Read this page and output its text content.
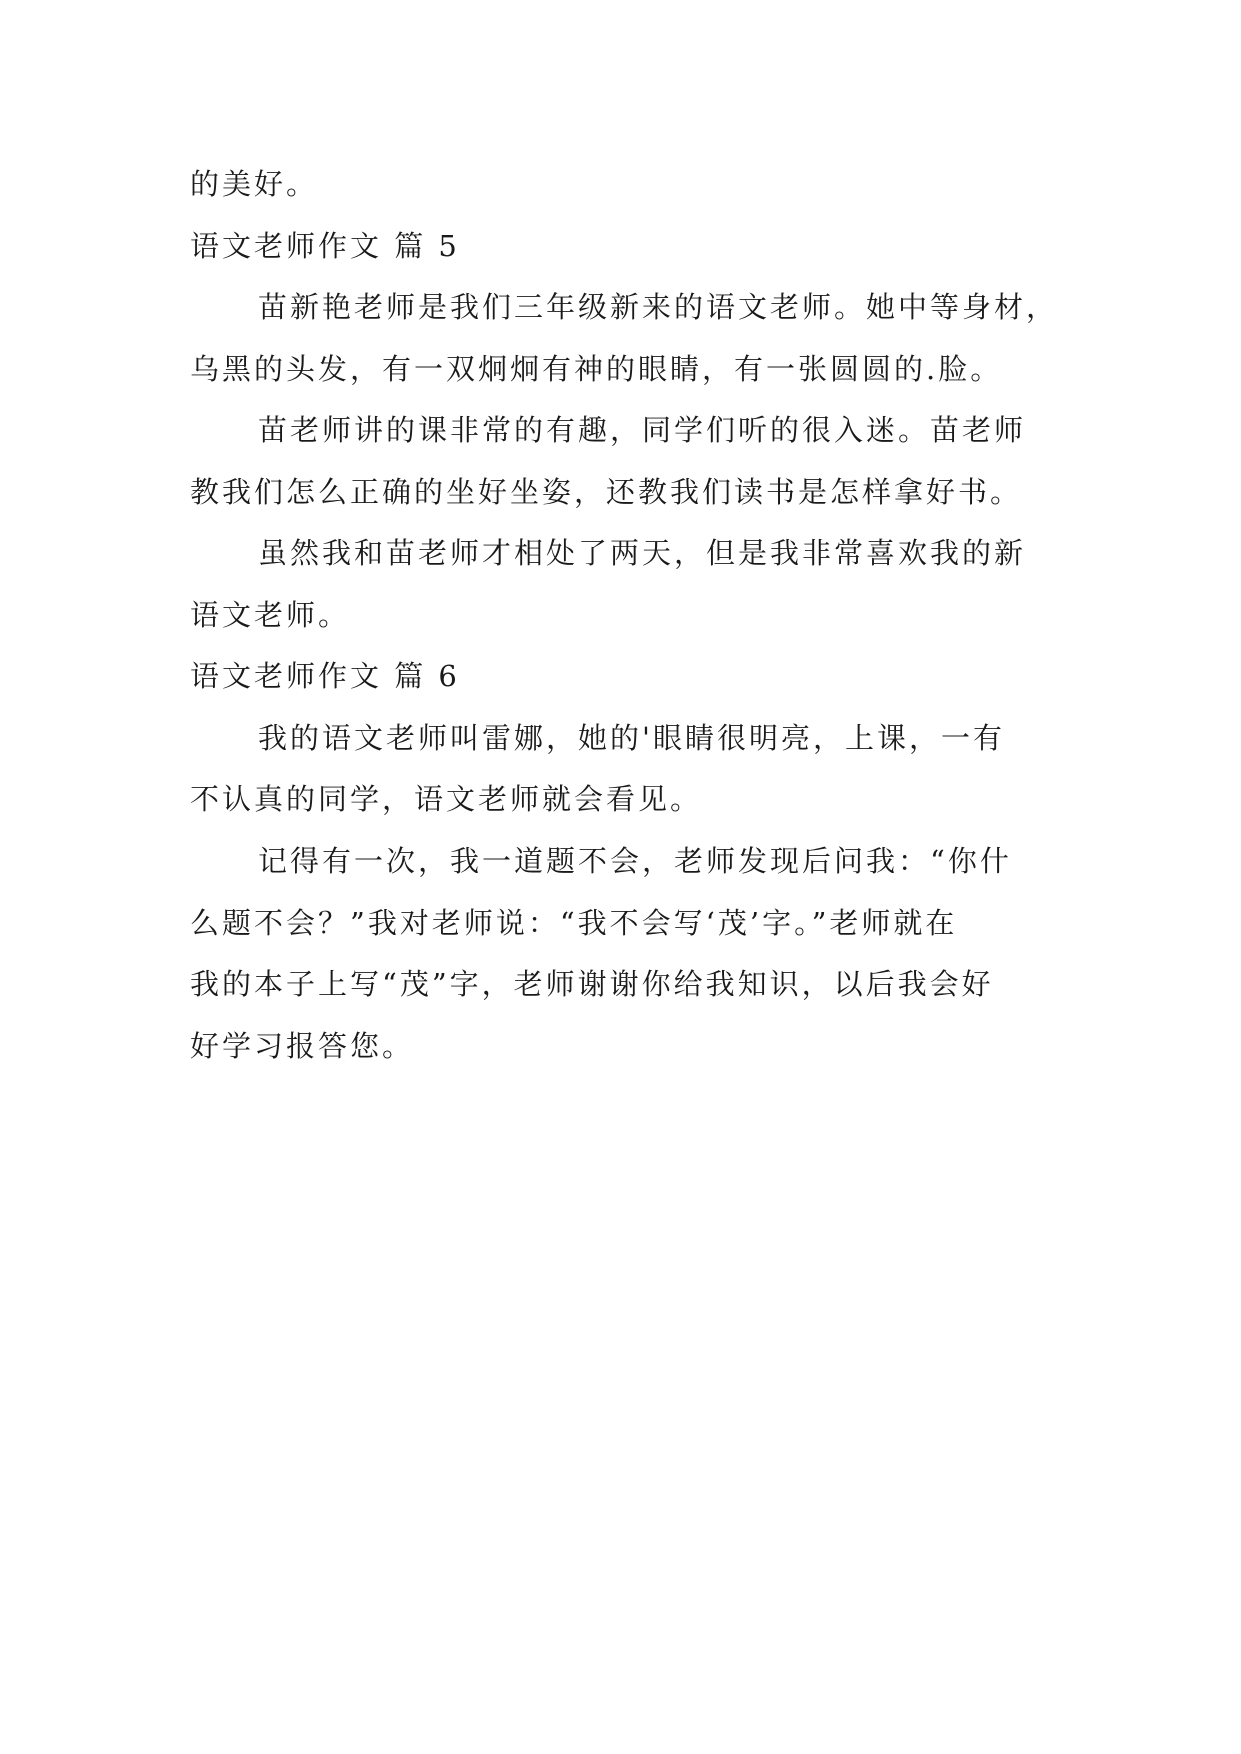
的美好。
语文老师作文 篇 5
苗新艳老师是我们三年级新来的语文老师。她中等身材，
乌黑的头发，有一双炯炯有神的眼睛，有一张圆圆的.脸。
苗老师讲的课非常的有趣，同学们听的很入迷。苗老师
教我们怎么正确的坐好坐姿，还教我们读书是怎样拿好书。
虽然我和苗老师才相处了两天，但是我非常喜欢我的新
语文老师。
语文老师作文 篇 6
我的语文老师叫雷娜，她的'眼睛很明亮，上课，一有
不认真的同学，语文老师就会看见。
记得有一次，我一道题不会，老师发现后问我：“你什
么题不会？”我对老师说：“我不会写‘茂’字。”老师就在
我的本子上写“茂”字，老师谢谢你给我知识，以后我会好
好学习报答您。
